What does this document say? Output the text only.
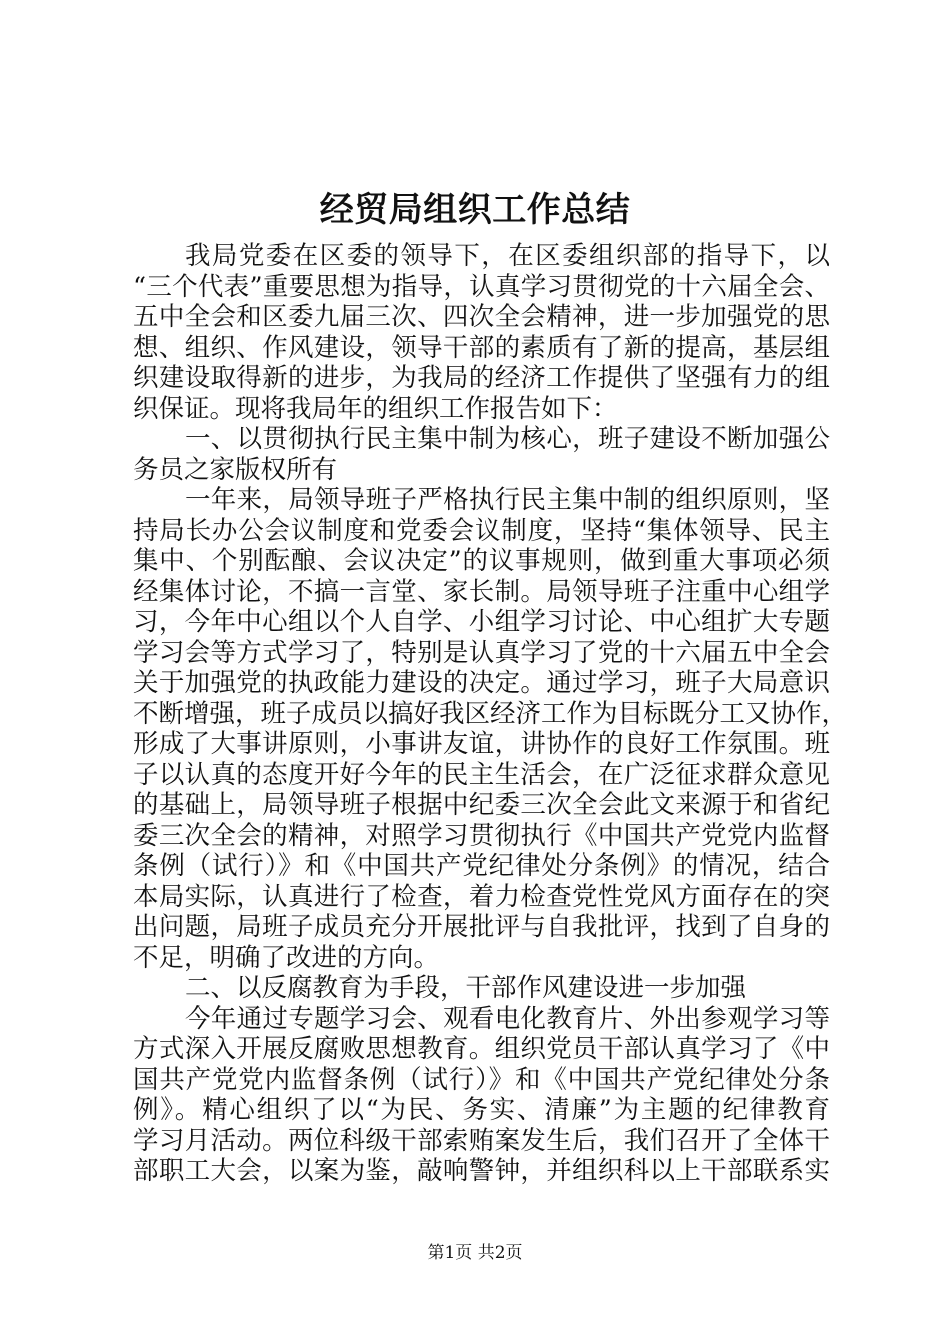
经贸局组织工作总结
我局党委在区委的领导下，在区委组织部的指导下，以
“三个代表”重要思想为指导，认真学习贯彻党的十六届全会、
五中全会和区委九届三次、四次全会精神，进一步加强党的思
想、组织、作风建设，领导干部的素质有了新的提高，基层组
织建设取得新的进步，为我局的经济工作提供了坚强有力的组
织保证。现将我局年的组织工作报告如下：
一、以贯彻执行民主集中制为核心，班子建设不断加强公
务员之家版权所有
一年来，局领导班子严格执行民主集中制的组织原则，坚
持局长办公会议制度和党委会议制度，坚持“集体领导、民主
集中、个别酝酿、会议决定”的议事规则，做到重大事项必须
经集体讨论，不搞一言堂、家长制。局领导班子注重中心组学
习，今年中心组以个人自学、小组学习讨论、中心组扩大专题
学习会等方式学习了，特别是认真学习了党的十六届五中全会
关于加强党的执政能力建设的决定。通过学习，班子大局意识
不断增强，班子成员以搞好我区经济工作为目标既分工又协作，
形成了大事讲原则，小事讲友谊，讲协作的良好工作氛围。班
子以认真的态度开好今年的民主生活会，在广泛征求群众意见
的基础上，局领导班子根据中纪委三次全会此文来源于和省纪
委三次全会的精神，对照学习贯彻执行《中国共产党党内监督
条例（试行）》和《中国共产党纪律处分条例》的情况，结合
本局实际，认真进行了检查，着力检查党性党风方面存在的突
出问题，局班子成员充分开展批评与自我批评，找到了自身的
不足，明确了改进的方向。
二、以反腐教育为手段，干部作风建设进一步加强
今年通过专题学习会、观看电化教育片、外出参观学习等
方式深入开展反腐败思想教育。组织党员干部认真学习了《中
国共产党党内监督条例（试行）》和《中国共产党纪律处分条
例》。精心组织了以“为民、务实、清廉”为主题的纪律教育
学习月活动。两位科级干部索贿案发生后，我们召开了全体干
部职工大会，以案为鉴，敲响警钟，并组织科以上干部联系实
第1页 共2页
